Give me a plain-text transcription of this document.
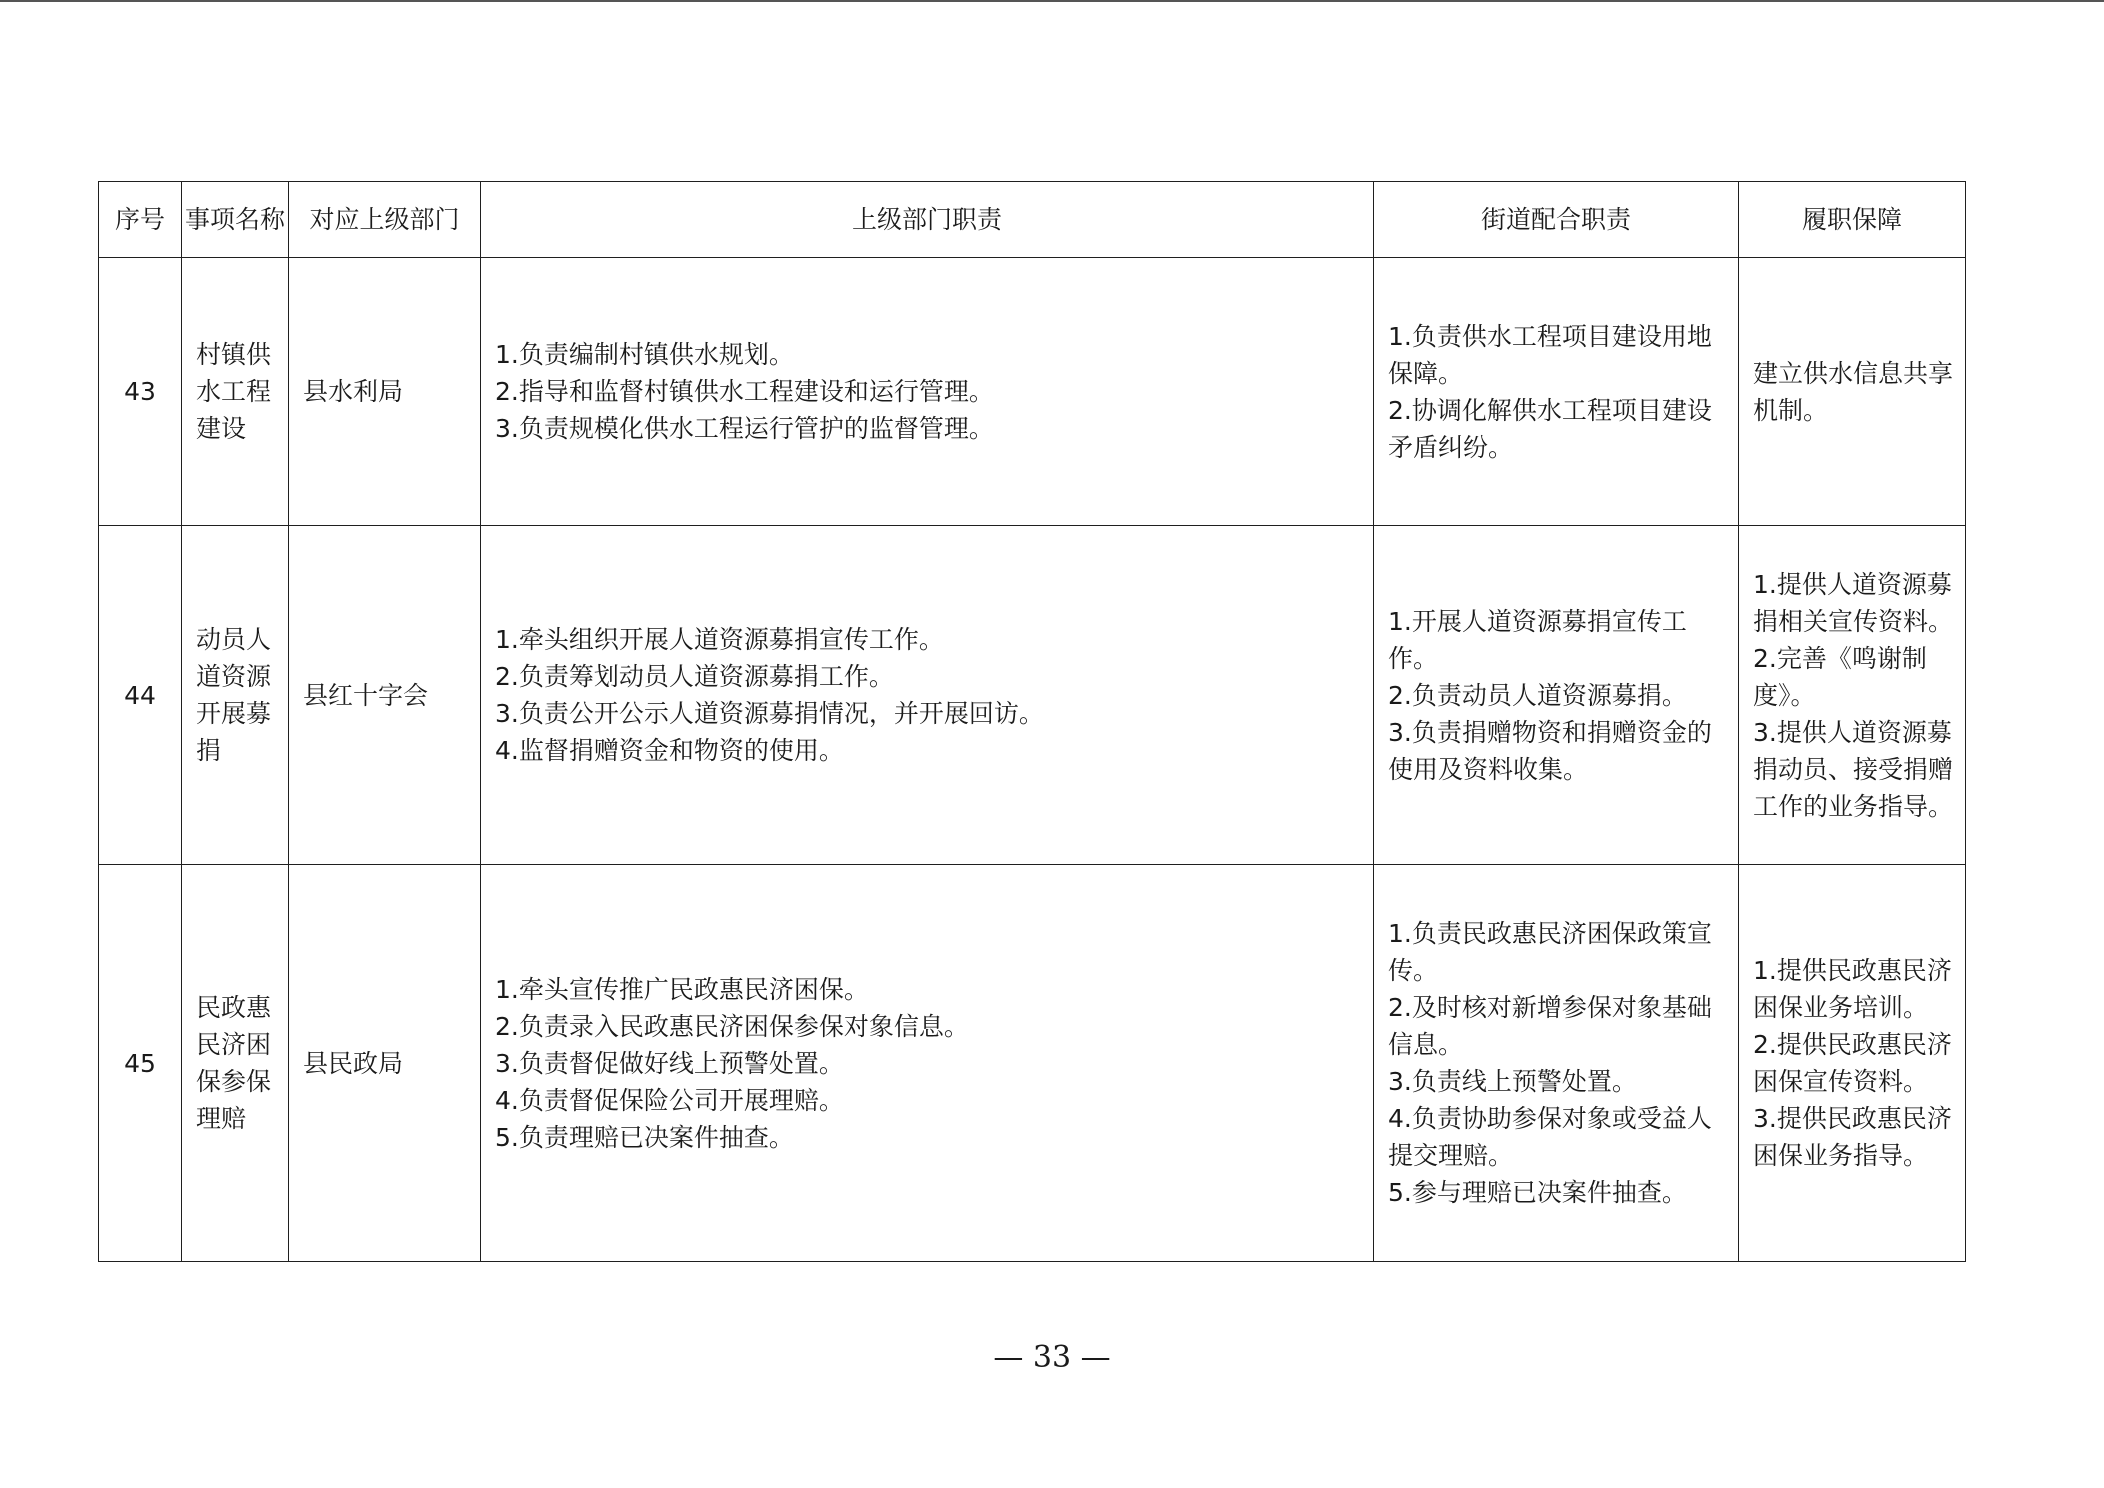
序号	事项名称	对应上级部门	上级部门职责	街道配合职责	履职保障
43	村镇供水工程建设	县水利局	1.负责编制村镇供水规划。
2.指导和监督村镇供水工程建设和运行管理。
3.负责规模化供水工程运行管护的监督管理。	1.负责供水工程项目建设用地保障。
2.协调化解供水工程项目建设矛盾纠纷。	建立供水信息共享机制。

44	动员人道资源开展募捐	县红十字会	1.牵头组织开展人道资源募捐宣传工作。
2.负责筹划动员人道资源募捐工作。
3.负责公开公示人道资源募捐情况，并开展回访。
4.监督捐赠资金和物资的使用。	1.开展人道资源募捐宣传工作。
2.负责动员人道资源募捐。
3.负责捐赠物资和捐赠资金的使用及资料收集。	1.提供人道资源募捐相关宣传资料。
2.完善《鸣谢制度》。
3.提供人道资源募捐动员、接受捐赠工作的业务指导。

45	民政惠民济困保参保理赔	县民政局	1.牵头宣传推广民政惠民济困保。
2.负责录入民政惠民济困保参保对象信息。
3.负责督促做好线上预警处置。
4.负责督促保险公司开展理赔。
5.负责理赔已决案件抽查。	1.负责民政惠民济困保政策宣传。
2.及时核对新增参保对象基础信息。
3.负责线上预警处置。
4.负责协助参保对象或受益人提交理赔。
5.参与理赔已决案件抽查。	1.提供民政惠民济困保业务培训。
2.提供民政惠民济困保宣传资料。
3.提供民政惠民济困保业务指导。
— 33 —
